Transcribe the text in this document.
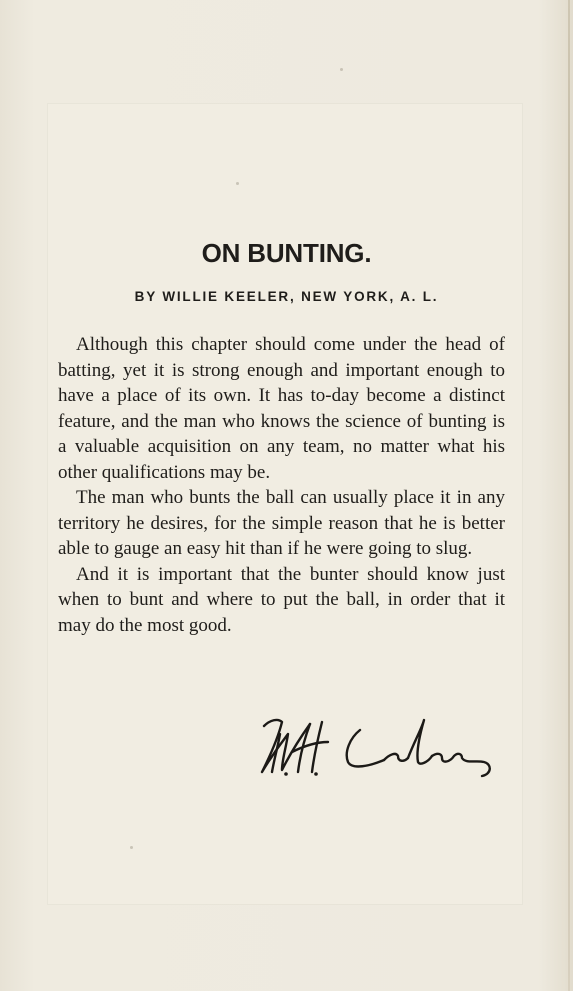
ON BUNTING.

BY WILLIE KEELER, NEW YORK, A. L.

Although this chapter should come under the head of batting, yet it is strong enough and important enough to have a place of its own. It has to-day become a distinct feature, and the man who knows the science of bunting is a valuable acquisition on any team, no matter what his other qualifications may be.

The man who bunts the ball can usually place it in any territory he desires, for the simple reason that he is better able to gauge an easy hit than if he were going to slug.

And it is important that the bunter should know just when to bunt and where to put the ball, in order that it may do the most good.
